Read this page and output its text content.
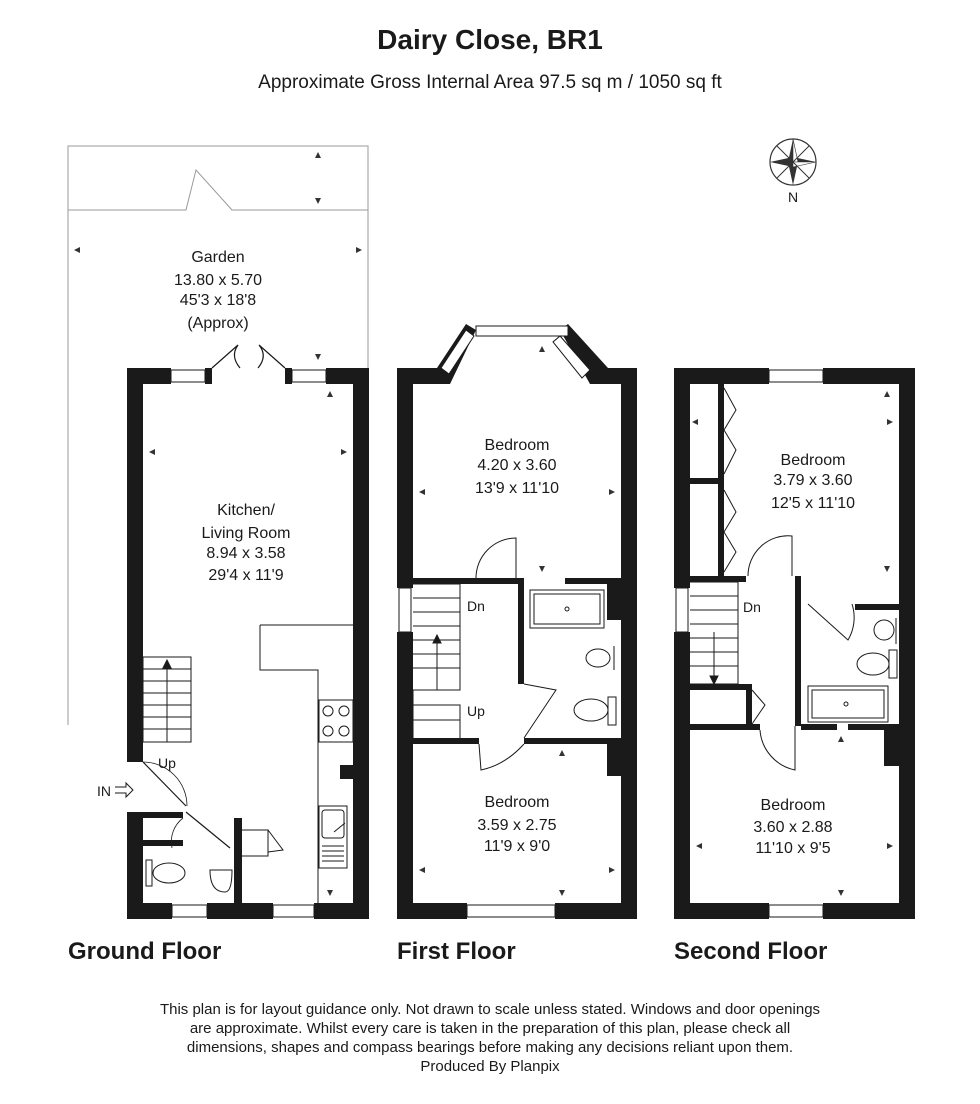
Dairy Close, BR1
Approximate Gross Internal Area 97.5 sq m / 1050 sq ft
N
Garden
13.80 x 5.70
45'3 x 18'8
(Approx)
Up
IN
Kitchen/
Living Room
8.94 x 3.58
29'4 x 11'9
Dn
Up
Bedroom
4.20 x 3.60
13'9 x 11'10
Bedroom
3.59 x 2.75
11'9 x 9'0
Dn
Bedroom
3.79 x 3.60
12'5 x 11'10
Bedroom
3.60 x 2.88
11'10 x 9'5
Ground Floor	First Floor	Second Floor
This plan is for layout guidance only. Not drawn to scale unless stated. Windows and door openings
are approximate. Whilst every care is taken in the preparation of this plan, please check all
dimensions, shapes and compass bearings before making any decisions reliant upon them.
Produced By Planpix
